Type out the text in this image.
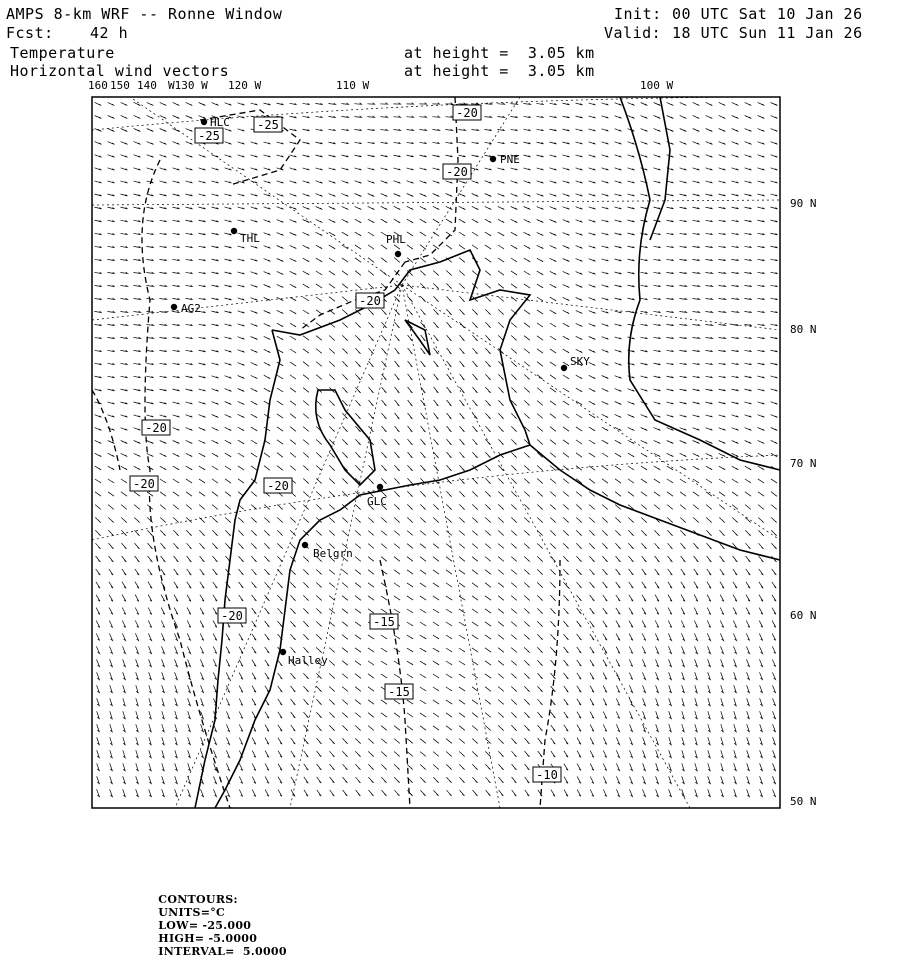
AMPS 8-km WRF -- Ronne Window
Fcst: 42 h
Temperature
Horizontal wind vectors
at height =  3.05 km
at height =  3.05 km
Init: 00 UTC Sat 10 Jan 26
Valid: 18 UTC Sun 11 Jan 26
-25
-25
-20
-20
-20
-20
-20	-20
-20	-15
-15
-10
HLC
PNE
THL	PHL
AG2
SKY
GLC
Belgrn
Halley
160 150 140 W130 W 120 W	110 W	100 W
90 N
80 N
70 N
60 N
50 N

CONTOURS:
UNITS=°C
LOW= -25.000
HIGH= -5.0000
INTERVAL=  5.0000
